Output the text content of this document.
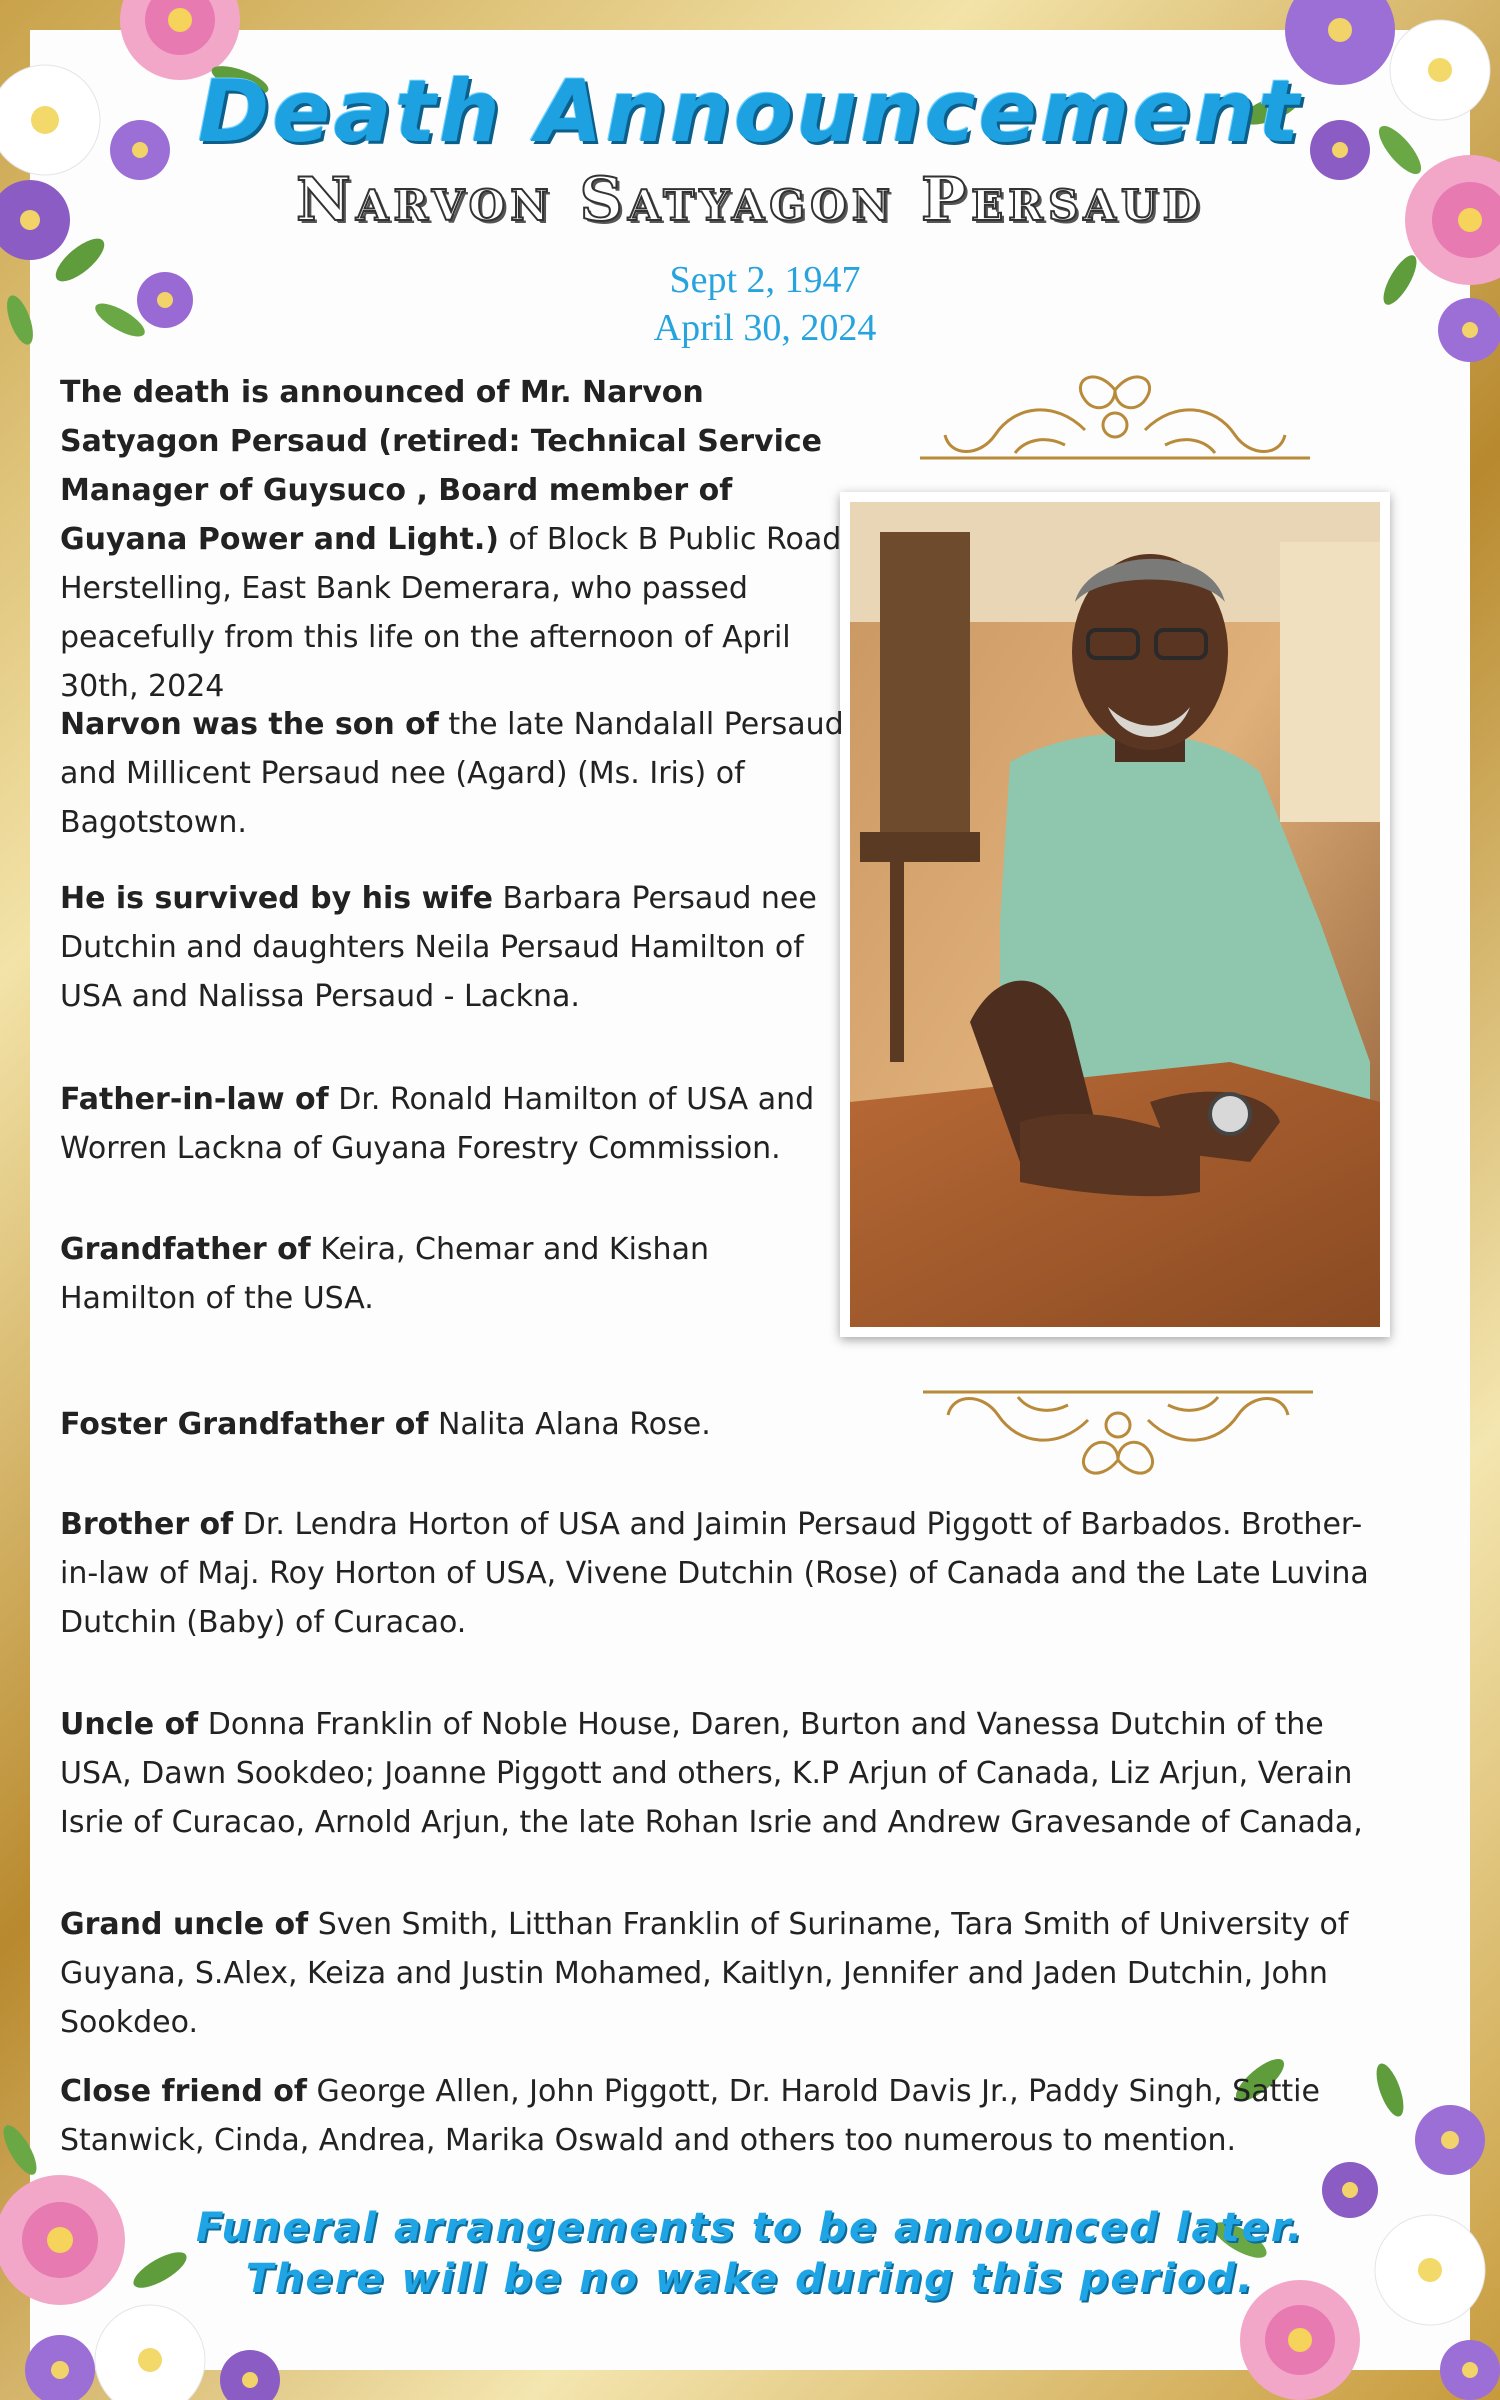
Death Announcement
Narvon Satyagon Persaud
Sept 2, 1947
April 30, 2024
The death is announced of Mr. Narvon Satyagon Persaud (retired: Technical Service Manager of Guysuco , Board member of Guyana Power and Light.) of Block B Public Road Herstelling, East Bank Demerara, who passed peacefully from this life on the afternoon of April 30th, 2024
Narvon was the son of the late Nandalall Persaud and Millicent Persaud nee (Agard) (Ms. Iris) of Bagotstown.
He is survived by his wife Barbara Persaud nee Dutchin and daughters Neila Persaud Hamilton of USA and Nalissa Persaud - Lackna.
Father-in-law of Dr. Ronald Hamilton of USA and Worren Lackna of Guyana Forestry Commission.
Grandfather of Keira, Chemar and Kishan Hamilton of the USA.
Foster Grandfather of Nalita Alana Rose.
Brother of Dr. Lendra Horton of USA and Jaimin Persaud Piggott of Barbados. Brother-in-law of Maj. Roy Horton of USA, Vivene Dutchin (Rose) of Canada and the Late Luvina Dutchin (Baby) of Curacao.
Uncle of Donna Franklin of Noble House, Daren, Burton and Vanessa Dutchin of the USA, Dawn Sookdeo; Joanne Piggott and others, K.P Arjun of Canada, Liz Arjun, Verain Isrie of Curacao, Arnold Arjun, the late Rohan Isrie and Andrew Gravesande of Canada,
Grand uncle of Sven Smith, Litthan Franklin of Suriname, Tara Smith of University of Guyana, S.Alex, Keiza and Justin Mohamed, Kaitlyn, Jennifer and Jaden Dutchin, John Sookdeo.
Close friend of George Allen, John Piggott, Dr. Harold Davis Jr., Paddy Singh, Sattie Stanwick, Cinda, Andrea, Marika Oswald and others too numerous to mention.
Funeral arrangements to be announced later.
There will be no wake during this period.
